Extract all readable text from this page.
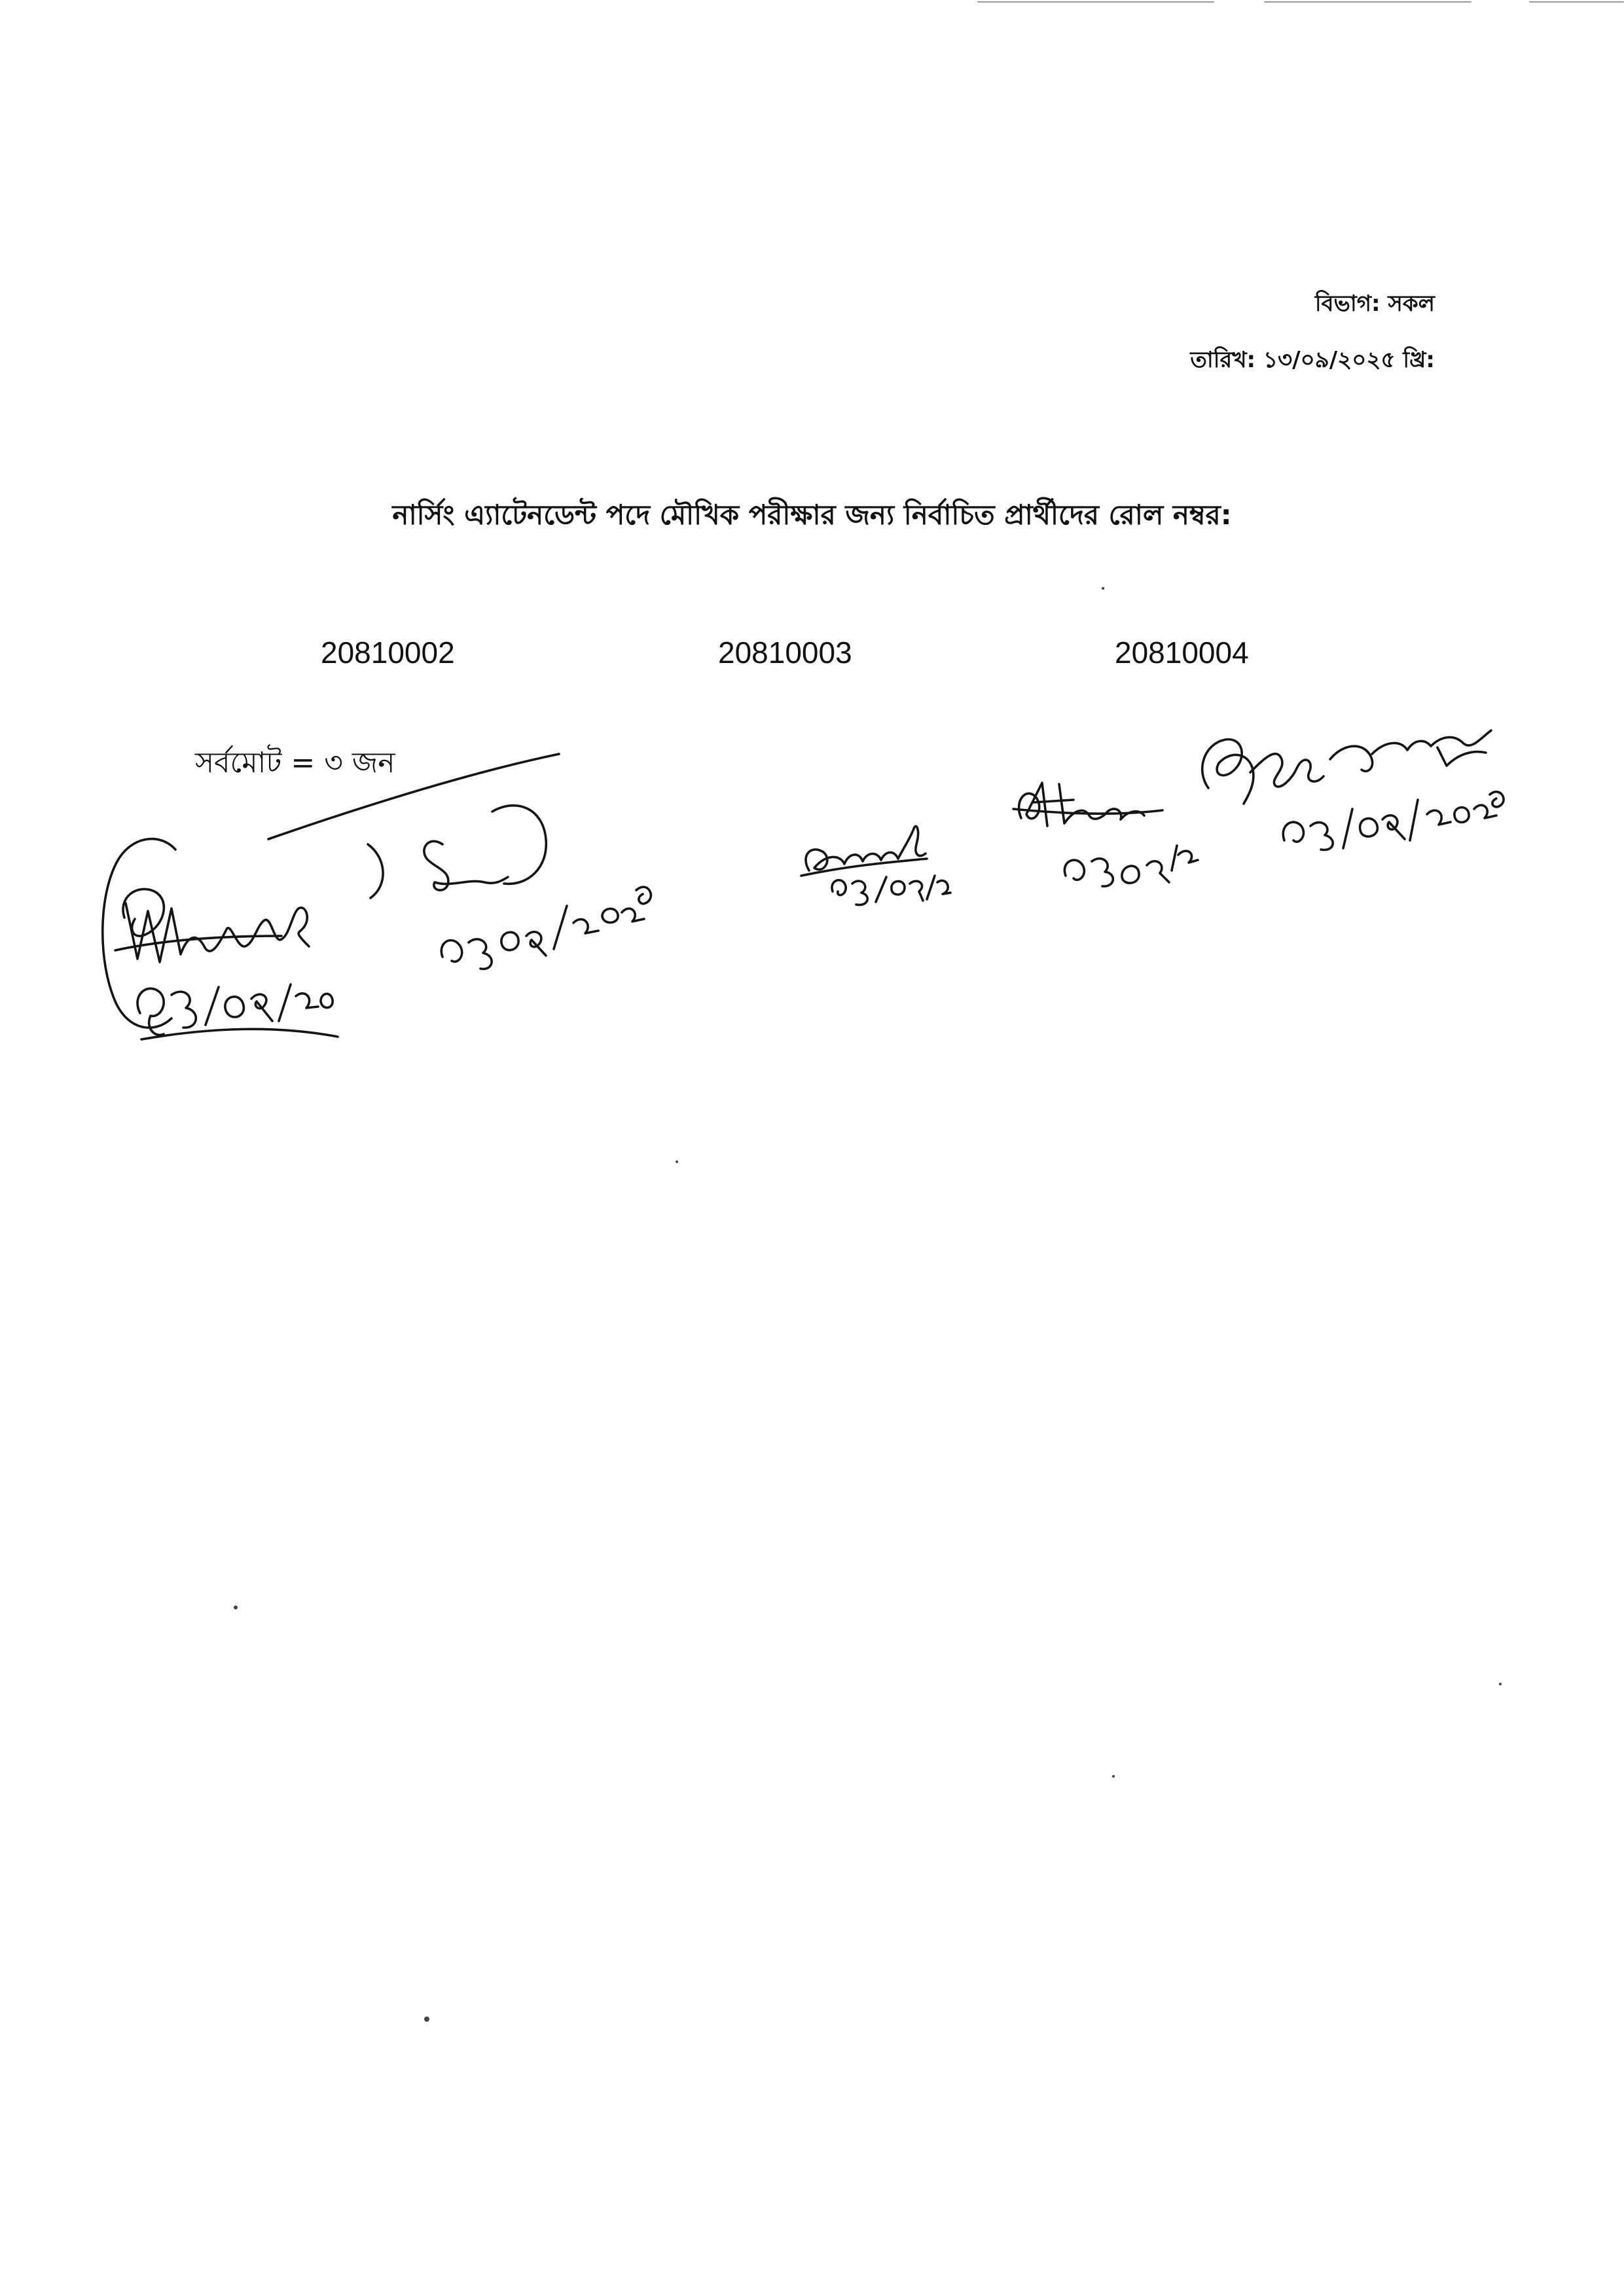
বিভাগ: সকল
তারিখ: ১৩/০৯/২০২৫ খ্রি:
নার্সিং এ্যাটেনডেন্ট পদে মৌখিক পরীক্ষার জন্য নির্বাচিত প্রার্থীদের রোল নম্বর:
20810002	20810003	20810004
সর্বমোট = ৩ জন
